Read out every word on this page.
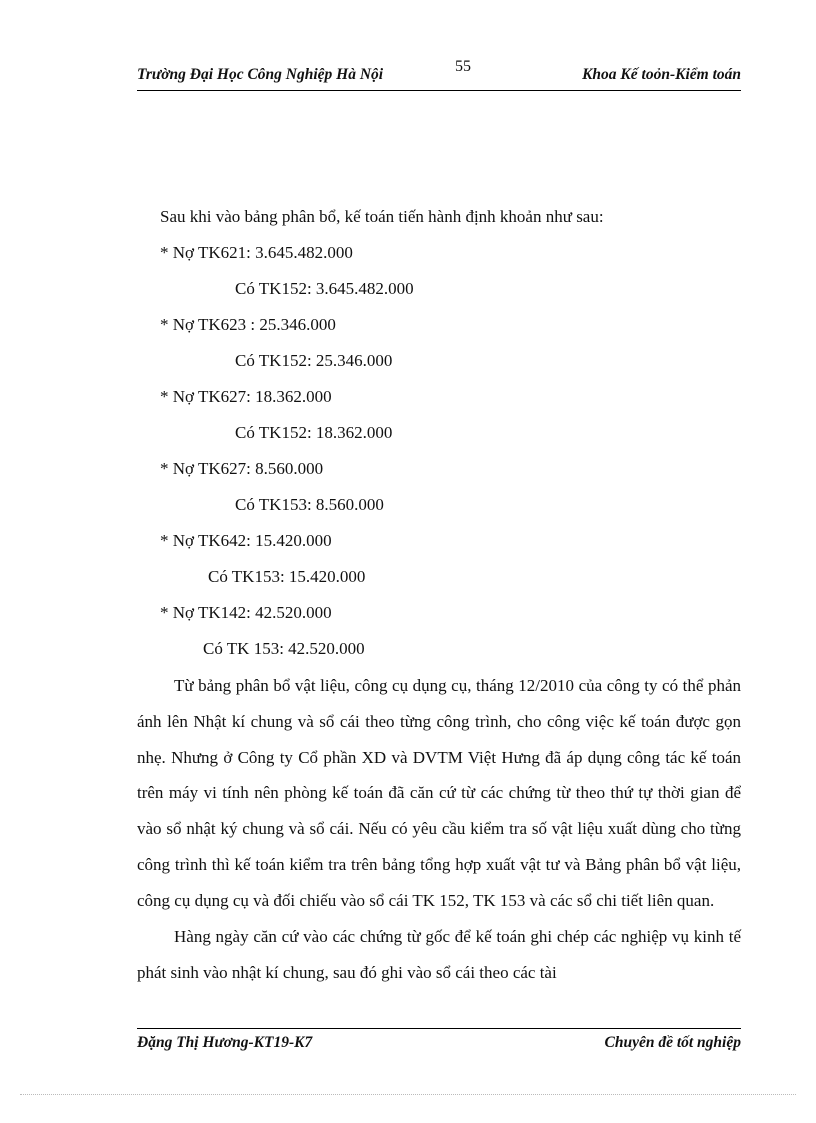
Trường Đại Học Công Nghiệp Hà Nội	55	Khoa Kế toỏn-Kiểm toán
Sau khi vào bảng phân bổ, kế toán tiến hành định khoản như sau:
* Nợ TK621: 3.645.482.000
Có TK152: 3.645.482.000
* Nợ TK623 : 25.346.000
Có TK152: 25.346.000
* Nợ TK627: 18.362.000
Có TK152: 18.362.000
* Nợ TK627: 8.560.000
Có TK153: 8.560.000
* Nợ TK642: 15.420.000
Có TK153: 15.420.000
* Nợ TK142: 42.520.000
Có TK 153: 42.520.000

Từ bảng phân bổ vật liệu, công cụ dụng cụ, tháng 12/2010 của công ty có thể phản ánh lên Nhật kí chung và sổ cái theo từng công trình, cho công việc kế toán được gọn nhẹ. Nhưng ở Công ty Cổ phần XD và DVTM Việt Hưng đã áp dụng công tác kế toán trên máy vi tính nên phòng kế toán đã căn cứ từ các chứng từ theo thứ tự thời gian để vào sổ nhật ký chung và sổ cái. Nếu có yêu cầu kiểm tra số vật liệu xuất dùng cho từng công trình thì kế toán kiểm tra trên bảng tổng hợp xuất vật tư và Bảng phân bổ vật liệu, công cụ dụng cụ và đối chiếu vào sổ cái TK 152, TK 153 và các sổ chi tiết liên quan.

Hàng ngày căn cứ vào các chứng từ gốc để kế toán ghi chép các nghiệp vụ kinh tế phát sinh vào nhật kí chung, sau đó ghi vào sổ cái theo các tài

Đặng Thị Hương-KT19-K7	Chuyên đề tốt nghiệp
